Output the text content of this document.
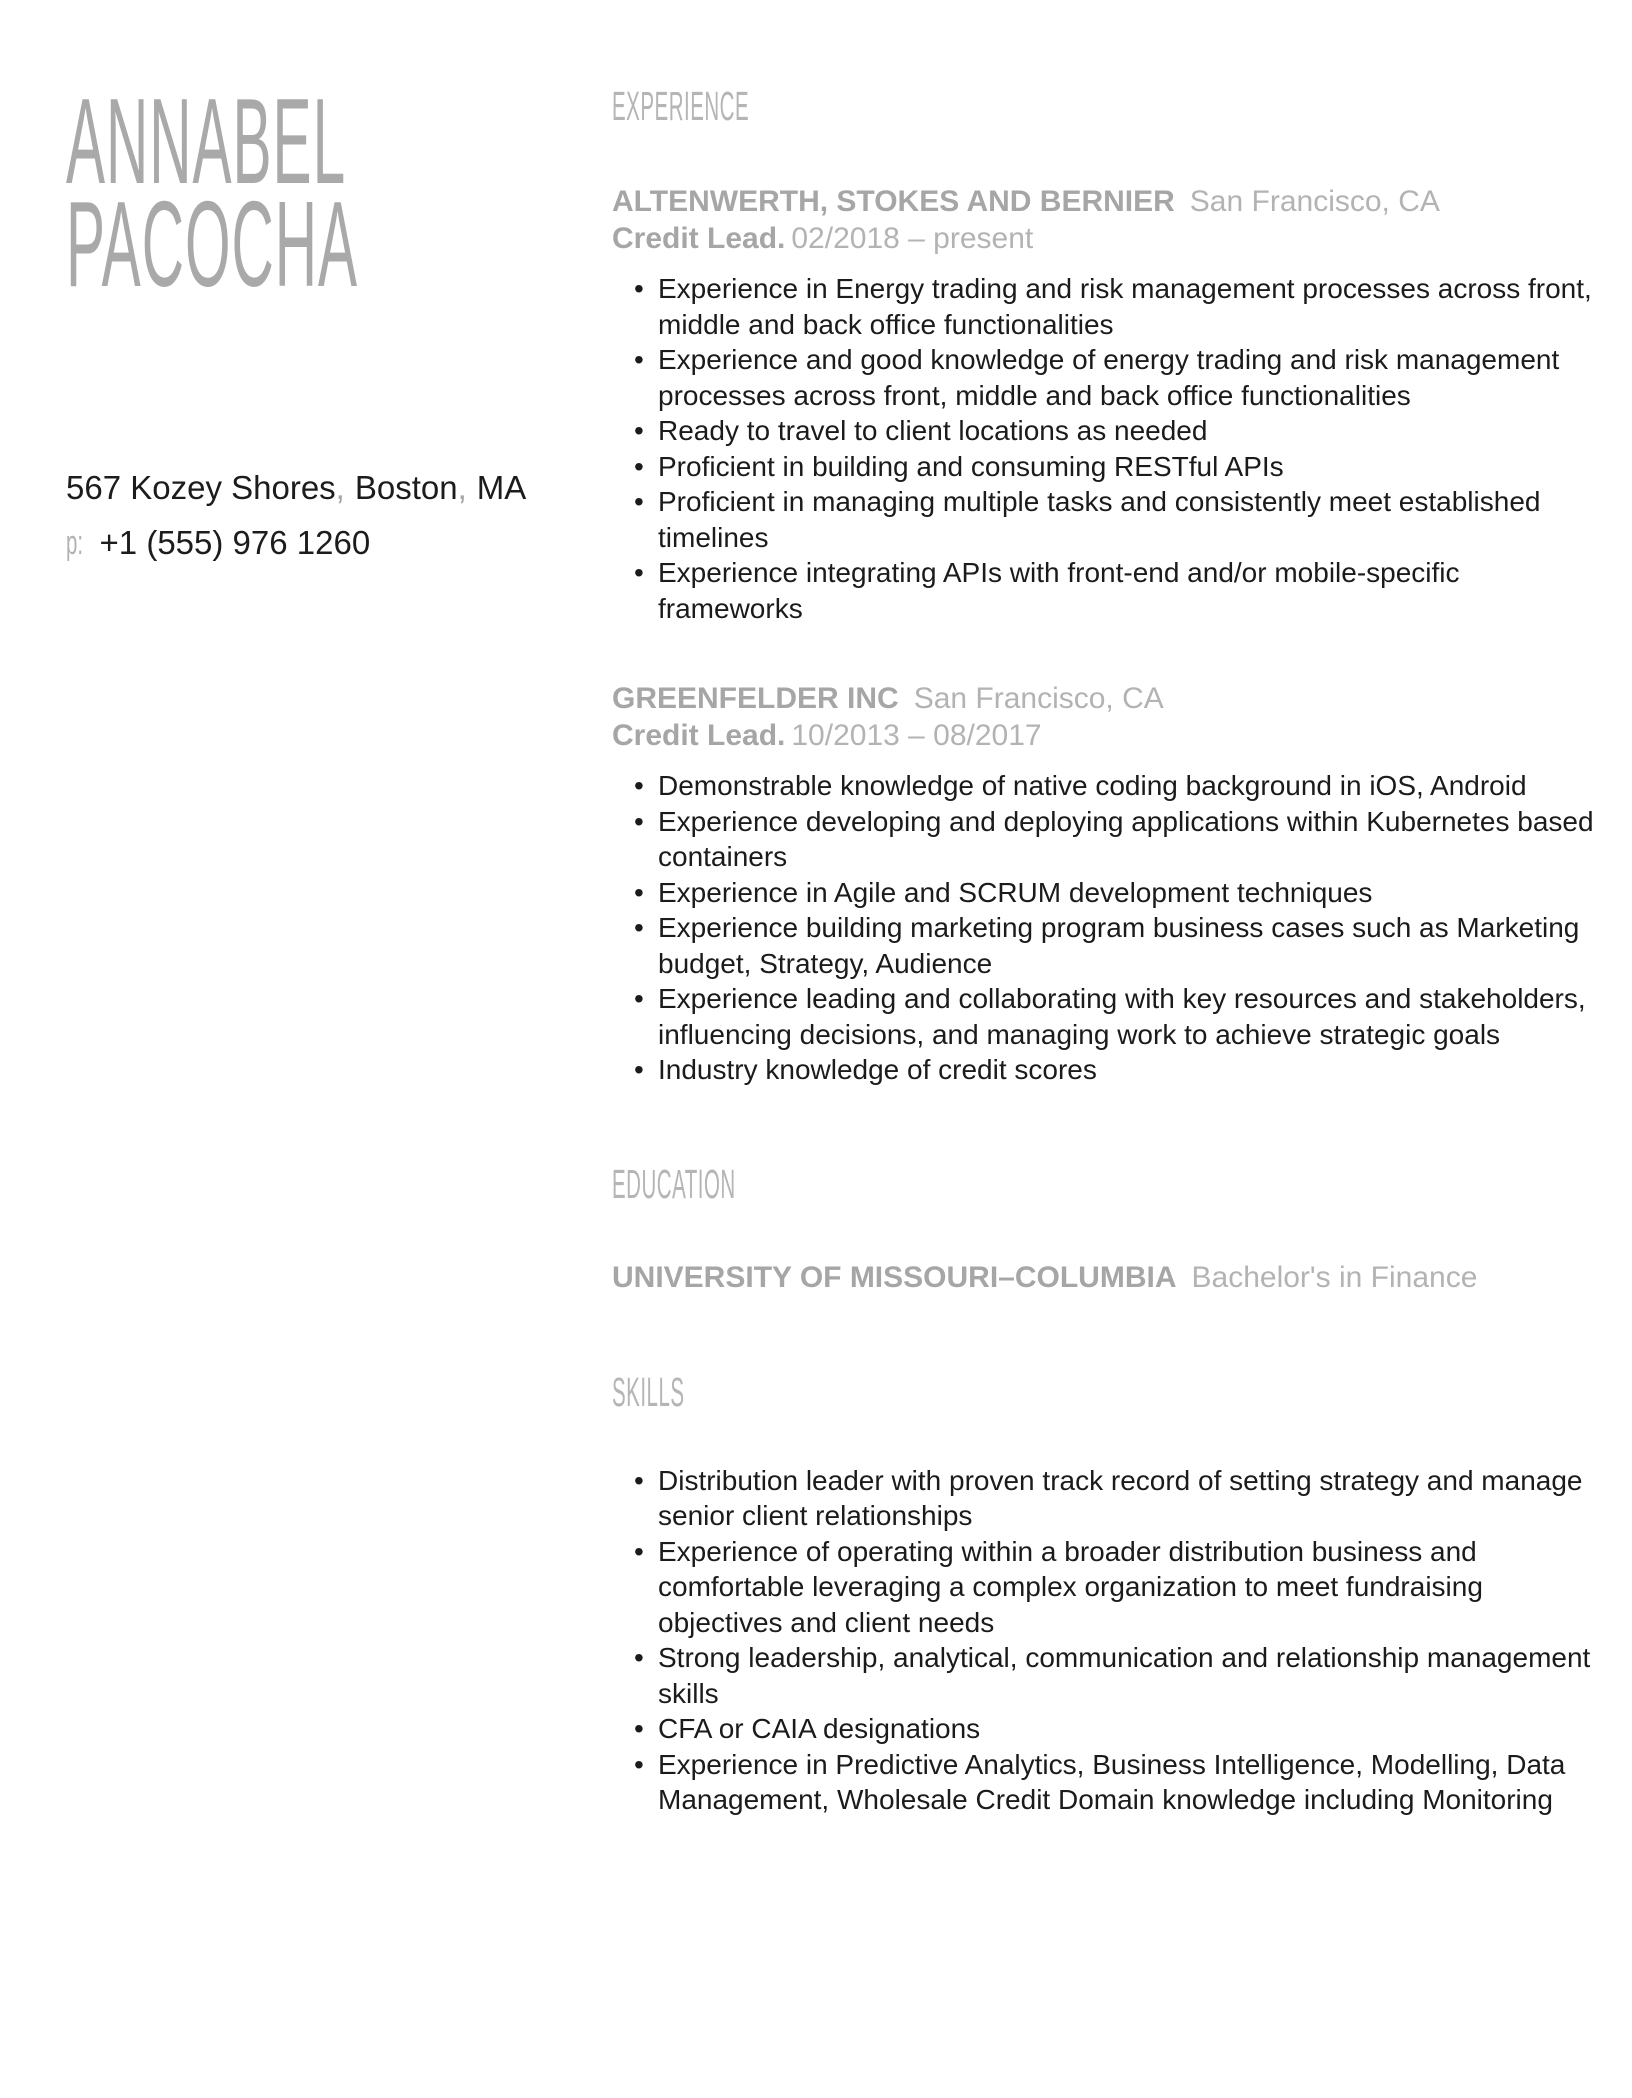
ANNABEL
PACOCHA
567 Kozey Shores, Boston, MA
p: +1 (555) 976 1260
EXPERIENCE
ALTENWERTH, STOKES AND BERNIER San Francisco, CA
Credit Lead. 02/2018 – present
• Experience in Energy trading and risk management processes across front, middle and back office functionalities
• Experience and good knowledge of energy trading and risk management processes across front, middle and back office functionalities
• Ready to travel to client locations as needed
• Proficient in building and consuming RESTful APIs
• Proficient in managing multiple tasks and consistently meet established timelines
• Experience integrating APIs with front-end and/or mobile-specific frameworks
GREENFELDER INC San Francisco, CA
Credit Lead. 10/2013 – 08/2017
• Demonstrable knowledge of native coding background in iOS, Android
• Experience developing and deploying applications within Kubernetes based containers
• Experience in Agile and SCRUM development techniques
• Experience building marketing program business cases such as Marketing budget, Strategy, Audience
• Experience leading and collaborating with key resources and stakeholders, influencing decisions, and managing work to achieve strategic goals
• Industry knowledge of credit scores
EDUCATION
UNIVERSITY OF MISSOURI–COLUMBIA Bachelor's in Finance
SKILLS
• Distribution leader with proven track record of setting strategy and manage senior client relationships
• Experience of operating within a broader distribution business and comfortable leveraging a complex organization to meet fundraising objectives and client needs
• Strong leadership, analytical, communication and relationship management skills
• CFA or CAIA designations
• Experience in Predictive Analytics, Business Intelligence, Modelling, Data Management, Wholesale Credit Domain knowledge including Monitoring
